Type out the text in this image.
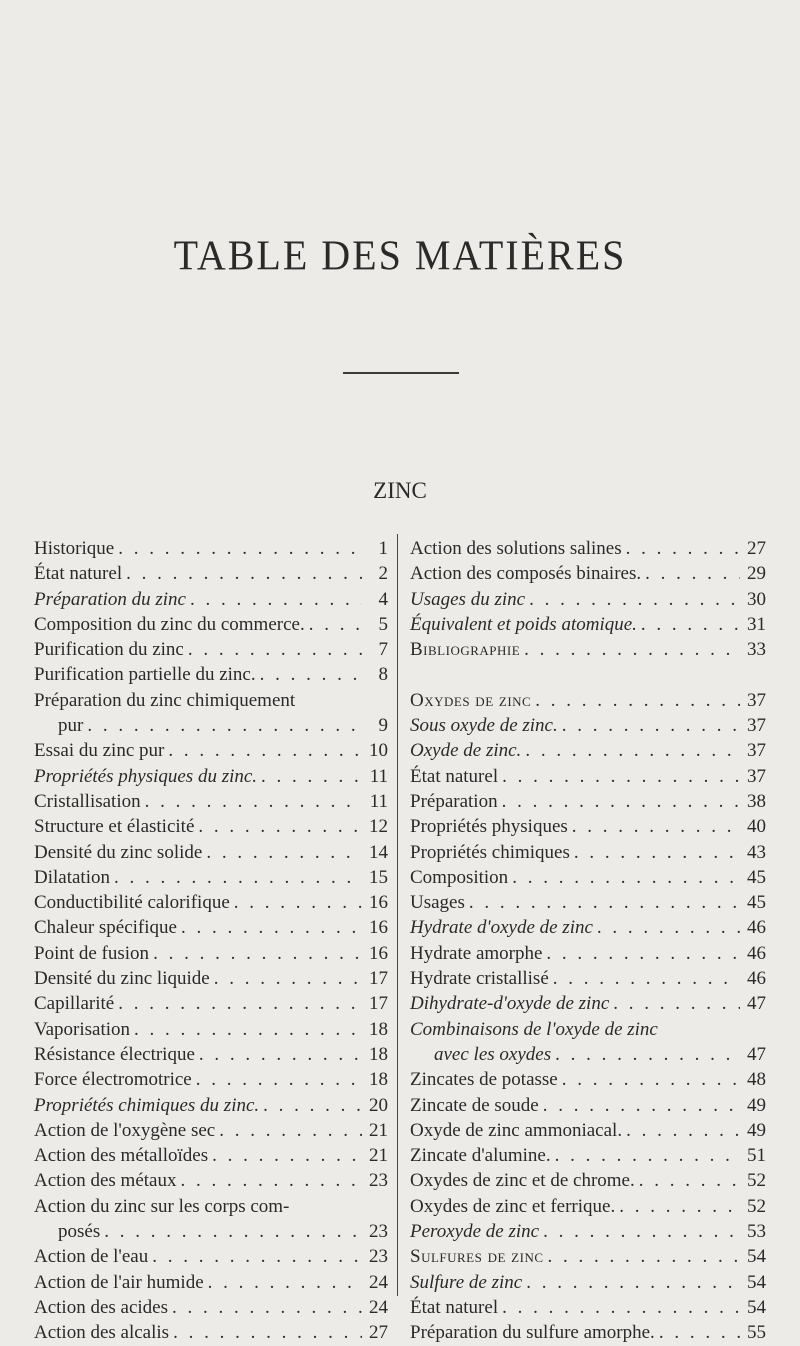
TABLE DES MATIÈRES
ZINC
Historique . . .	1
État naturel . . .	2
Préparation du zinc . . .	4
Composition du zinc du commerce. . . .	5
Purification du zinc . . .	7
Purification partielle du zinc. . . .	8
Préparation du zinc chimiquement
pur . . .	9
Essai du zinc pur . . .	10
Propriétés physiques du zinc. . . .	11
Cristallisation . . .	11
Structure et élasticité . . .	12
Densité du zinc solide . . .	14
Dilatation . . .	15
Conductibilité calorifique . . .	16
Chaleur spécifique . . .	16
Point de fusion . . .	16
Densité du zinc liquide . . .	17
Capillarité . . .	17
Vaporisation . . .	18
Résistance électrique . . .	18
Force électromotrice . . .	18
Propriétés chimiques du zinc. . . .	20
Action de l'oxygène sec . . .	21
Action des métalloïdes . . .	21
Action des métaux . . .	23
Action du zinc sur les corps com-
posés . . .	23
Action de l'eau . . .	23
Action de l'air humide . . .	24
Action des acides . . .	24
Action des alcalis . . .	27
Action des solutions salines . . .	27
Action des composés binaires. . . .	29
Usages du zinc . . .	30
Équivalent et poids atomique. . . .	31
Bibliographie . . .	33
Oxydes de zinc . . .	37
Sous oxyde de zinc. . . .	37
Oxyde de zinc. . . .	37
État naturel . . .	37
Préparation . . .	38
Propriétés physiques . . .	40
Propriétés chimiques . . .	43
Composition . . .	45
Usages . . .	45
Hydrate d'oxyde de zinc . . .	46
Hydrate amorphe . . .	46
Hydrate cristallisé . . .	46
Dihydrate-d'oxyde de zinc . . .	47
Combinaisons de l'oxyde de zinc
avec les oxydes . . .	47
Zincates de potasse . . .	48
Zincate de soude . . .	49
Oxyde de zinc ammoniacal. . . .	49
Zincate d'alumine. . . .	51
Oxydes de zinc et de chrome. . . .	52
Oxydes de zinc et ferrique. . . .	52
Peroxyde de zinc . . .	53
Sulfures de zinc . . .	54
Sulfure de zinc . . .	54
État naturel . . .	54
Préparation du sulfure amorphe. . . .	55
